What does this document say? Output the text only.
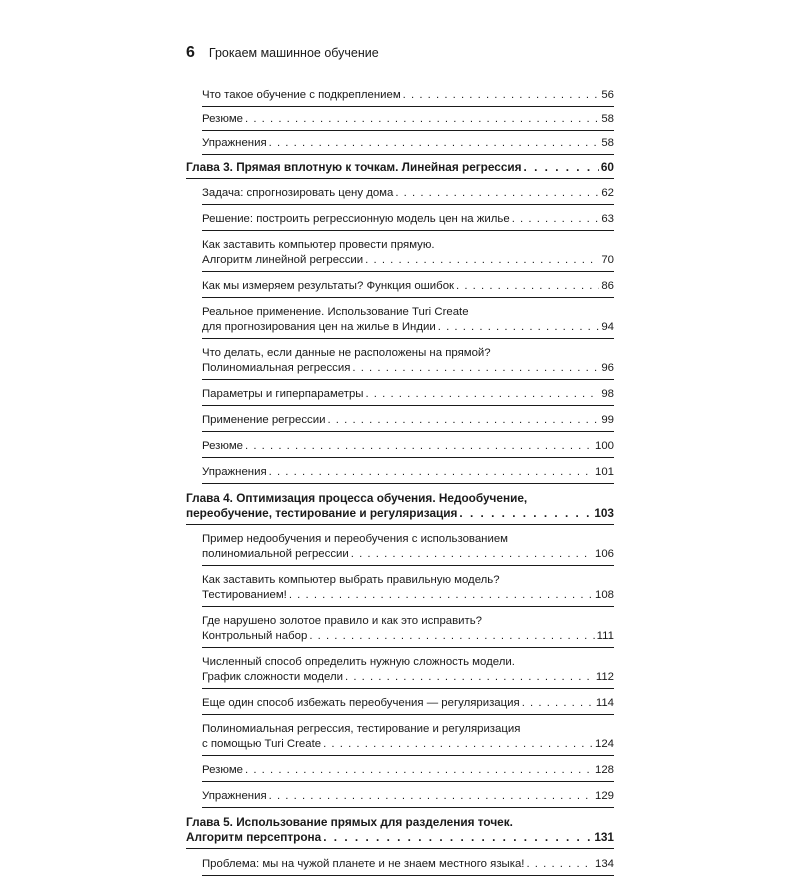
6 Грокаем машинное обучение
Что такое обучение с подкреплением . . .	56
Резюме . . .	58
Упражнения . . .	58
Глава 3. Прямая вплотную к точкам. Линейная регрессия . . .	60
Задача: спрогнозировать цену дома . . .	62
Решение: построить регрессионную модель цен на жилье . . .	63
Как заставить компьютер провести прямую.
Алгоритм линейной регрессии . . .	70
Как мы измеряем результаты? Функция ошибок . . .	86
Реальное применение. Использование Turi Create
для прогнозирования цен на жилье в Индии . . .	94
Что делать, если данные не расположены на прямой?
Полиномиальная регрессия . . .	96
Параметры и гиперпараметры . . .	98
Применение регрессии . . .	99
Резюме . . .	100
Упражнения . . .	101
Глава 4. Оптимизация процесса обучения. Недообучение,
переобучение, тестирование и регуляризация . . .	103
Пример недообучения и переобучения с использованием
полиномиальной регрессии . . .	106
Как заставить компьютер выбрать правильную модель?
Тестированием! . . .	108
Где нарушено золотое правило и как это исправить?
Контрольный набор . . .	111
Численный способ определить нужную сложность модели.
График сложности модели . . .	112
Еще один способ избежать переобучения — регуляризация . . .	114
Полиномиальная регрессия, тестирование и регуляризация
с помощью Turi Create . . .	124
Резюме . . .	128
Упражнения . . .	129
Глава 5. Использование прямых для разделения точек.
Алгоритм персептрона . . .	131
Проблема: мы на чужой планете и не знаем местного языка! . . .	134
